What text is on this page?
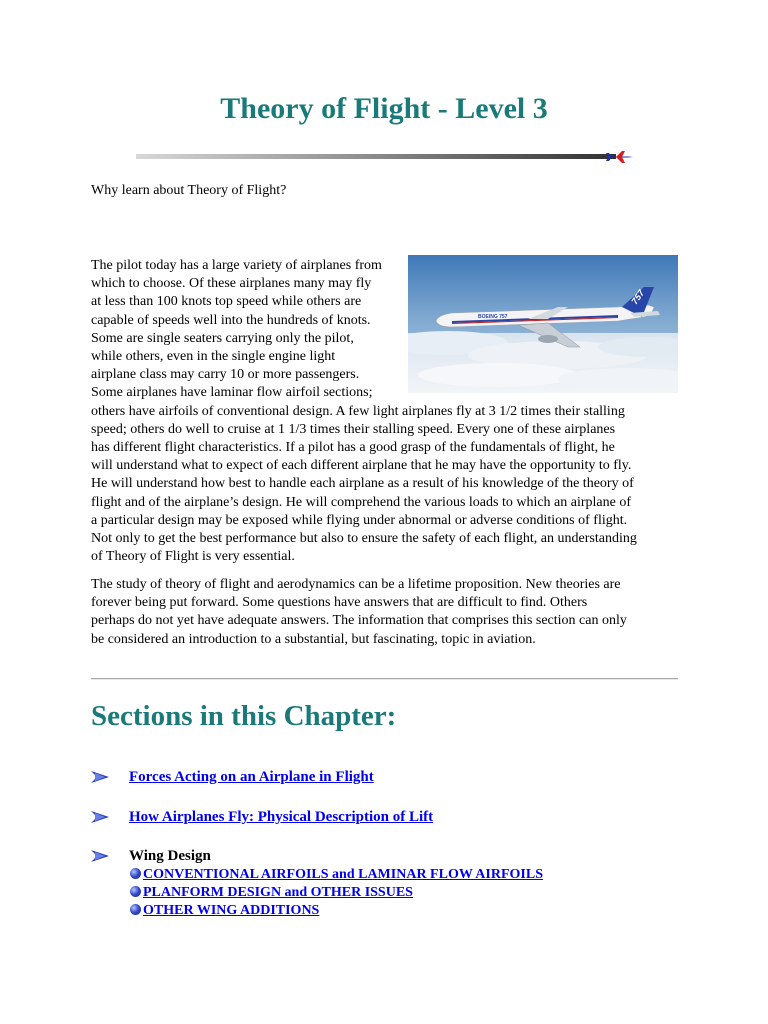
Theory of Flight - Level 3

Why learn about Theory of Flight?

757
BOEING 757
The pilot today has a large variety of airplanes from
which to choose. Of these airplanes many may fly
at less than 100 knots top speed while others are
capable of speeds well into the hundreds of knots.
Some are single seaters carrying only the pilot,
while others, even in the single engine light
airplane class may carry 10 or more passengers.
Some airplanes have laminar flow airfoil sections;
others have airfoils of conventional design. A few light airplanes fly at 3 1/2 times their stalling
speed; others do well to cruise at 1 1/3 times their stalling speed. Every one of these airplanes
has different flight characteristics. If a pilot has a good grasp of the fundamentals of flight, he
will understand what to expect of each different airplane that he may have the opportunity to fly.
He will understand how best to handle each airplane as a result of his knowledge of the theory of
flight and of the airplane’s design. He will comprehend the various loads to which an airplane of
a particular design may be exposed while flying under abnormal or adverse conditions of flight.
Not only to get the best performance but also to ensure the safety of each flight, an understanding
of Theory of Flight is very essential.
The study of theory of flight and aerodynamics can be a lifetime proposition. New theories are
forever being put forward. Some questions have answers that are difficult to find. Others
perhaps do not yet have adequate answers. The information that comprises this section can only
be considered an introduction to a substantial, but fascinating, topic in aviation.
Sections in this Chapter:
Forces Acting on an Airplane in Flight
How Airplanes Fly: Physical Description of Lift
Wing Design
CONVENTIONAL AIRFOILS and LAMINAR FLOW AIRFOILS
PLANFORM DESIGN and OTHER ISSUES
OTHER WING ADDITIONS
